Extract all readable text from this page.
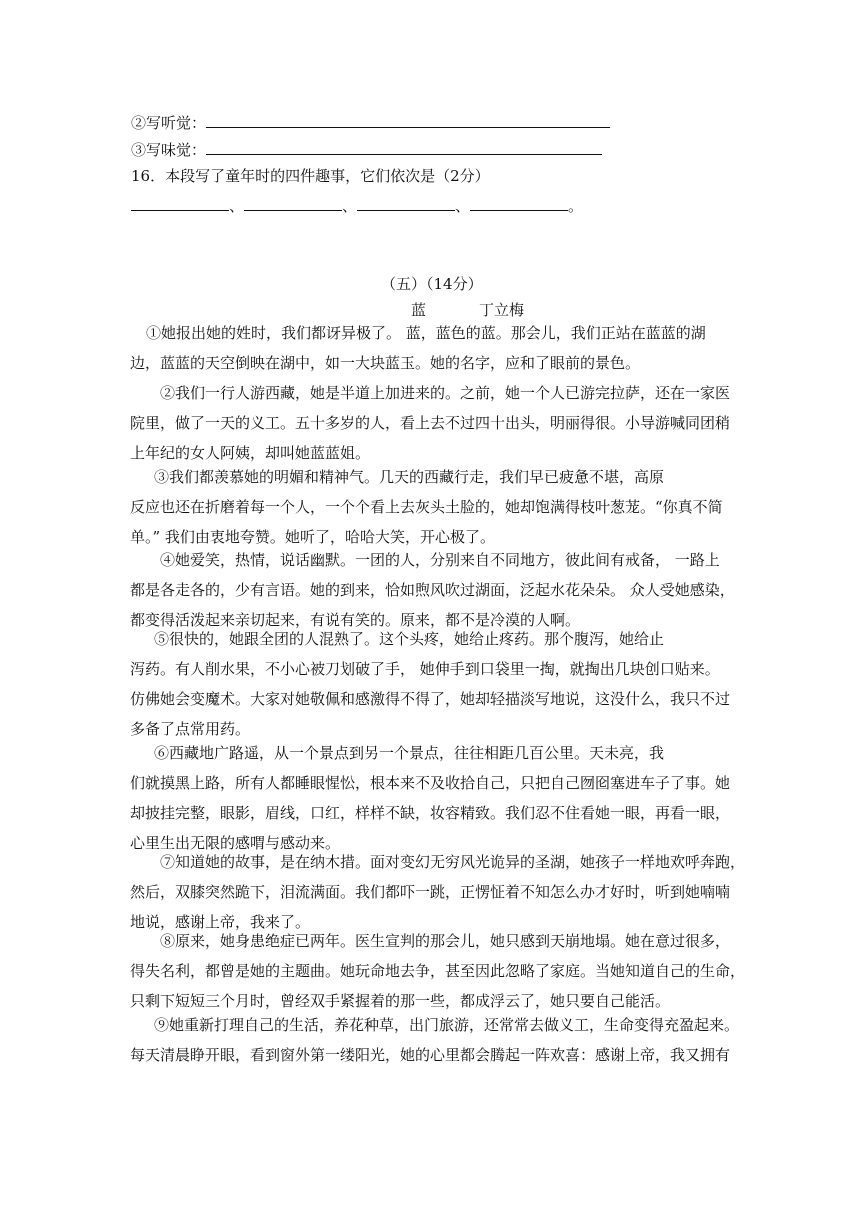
②写听觉：
③写味觉：
16．本段写了童年时的四件趣事，它们依次是（2分）
、	、	、	。
（五）（14分）
蓝	丁立梅
①她报出她的姓时，我们都讶异极了。 蓝，蓝色的蓝。那会儿，我们正站在蓝蓝的湖
边，蓝蓝的天空倒映在湖中，如一大块蓝玉。她的名字，应和了眼前的景色。
②我们一行人游西藏，她是半道上加进来的。之前，她一个人已游完拉萨，还在一家医
院里，做了一天的义工。五十多岁的人，看上去不过四十出头，明丽得很。小导游喊同团稍
上年纪的女人阿姨，却叫她蓝蓝姐。
③我们都羡慕她的明媚和精神气。几天的西藏行走，我们早已疲惫不堪，高原
反应也还在折磨着每一个人，一个个看上去灰头土脸的，她却饱满得枝叶葱茏。“你真不简
单。” 我们由衷地夸赞。她听了，哈哈大笑，开心极了。
④她爱笑，热情，说话幽默。一团的人，分别来自不同地方，彼此间有戒备， 一路上
都是各走各的，少有言语。她的到来，恰如煦风吹过湖面，泛起水花朵朵。 众人受她感染，
都变得活泼起来亲切起来，有说有笑的。原来，都不是冷漠的人啊。
⑤很快的，她跟全团的人混熟了。这个头疼，她给止疼药。那个腹泻，她给止
泻药。有人削水果，不小心被刀划破了手， 她伸手到口袋里一掏，就掏出几块创口贴来。
仿佛她会变魔术。大家对她敬佩和感激得不得了，她却轻描淡写地说，这没什么，我只不过
多备了点常用药。
⑥西藏地广路遥，从一个景点到另一个景点，往往相距几百公里。天未亮，我
们就摸黑上路，所有人都睡眼惺忪，根本来不及收拾自己，只把自己囫囵塞进车子了事。她
却披挂完整，眼影，眉线，口红，样样不缺，妆容精致。我们忍不住看她一眼，再看一眼，
心里生出无限的感喟与感动来。
⑦知道她的故事，是在纳木措。面对变幻无穷风光诡异的圣湖，她孩子一样地欢呼奔跑，
然后，双膝突然跪下，泪流满面。我们都吓一跳，正愣怔着不知怎么办才好时，听到她喃喃
地说，感谢上帝，我来了。
⑧原来，她身患绝症已两年。医生宣判的那会儿，她只感到天崩地塌。她在意过很多，
得失名利，都曾是她的主题曲。她玩命地去争，甚至因此忽略了家庭。当她知道自己的生命，
只剩下短短三个月时，曾经双手紧握着的那一些，都成浮云了，她只要自己能活。
⑨她重新打理自己的生活，养花种草，出门旅游，还常常去做义工，生命变得充盈起来。
每天清晨睁开眼，看到窗外第一缕阳光，她的心里都会腾起一阵欢喜：感谢上帝，我又拥有
